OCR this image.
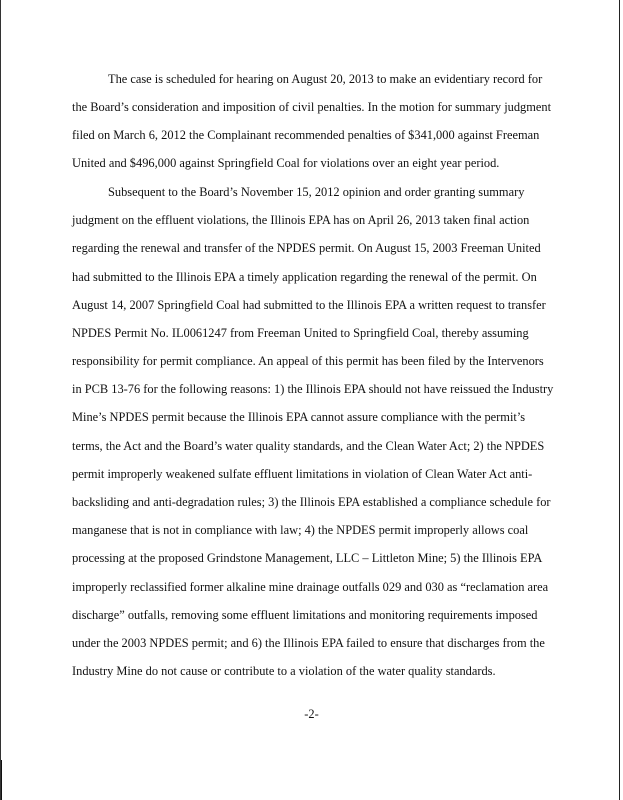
The case is scheduled for hearing on August 20, 2013 to make an evidentiary record for

the Board’s consideration and imposition of civil penalties. In the motion for summary judgment

filed on March 6, 2012 the Complainant recommended penalties of $341,000 against Freeman

United and $496,000 against Springfield Coal for violations over an eight year period.

Subsequent to the Board’s November 15, 2012 opinion and order granting summary

judgment on the effluent violations, the Illinois EPA has on April 26, 2013 taken final action

regarding the renewal and transfer of the NPDES permit. On August 15, 2003 Freeman United

had submitted to the Illinois EPA a timely application regarding the renewal of the permit. On

August 14, 2007 Springfield Coal had submitted to the Illinois EPA a written request to transfer

NPDES Permit No. IL0061247 from Freeman United to Springfield Coal, thereby assuming

responsibility for permit compliance. An appeal of this permit has been filed by the Intervenors

in PCB 13-76 for the following reasons: 1) the Illinois EPA should not have reissued the Industry

Mine’s NPDES permit because the Illinois EPA cannot assure compliance with the permit’s

terms, the Act and the Board’s water quality standards, and the Clean Water Act; 2) the NPDES

permit improperly weakened sulfate effluent limitations in violation of Clean Water Act anti-

backsliding and anti-degradation rules; 3) the Illinois EPA established a compliance schedule for

manganese that is not in compliance with law; 4) the NPDES permit improperly allows coal

processing at the proposed Grindstone Management, LLC – Littleton Mine; 5) the Illinois EPA

improperly reclassified former alkaline mine drainage outfalls 029 and 030 as “reclamation area

discharge” outfalls, removing some effluent limitations and monitoring requirements imposed

under the 2003 NPDES permit; and 6) the Illinois EPA failed to ensure that discharges from the

Industry Mine do not cause or contribute to a violation of the water quality standards.

-2-
